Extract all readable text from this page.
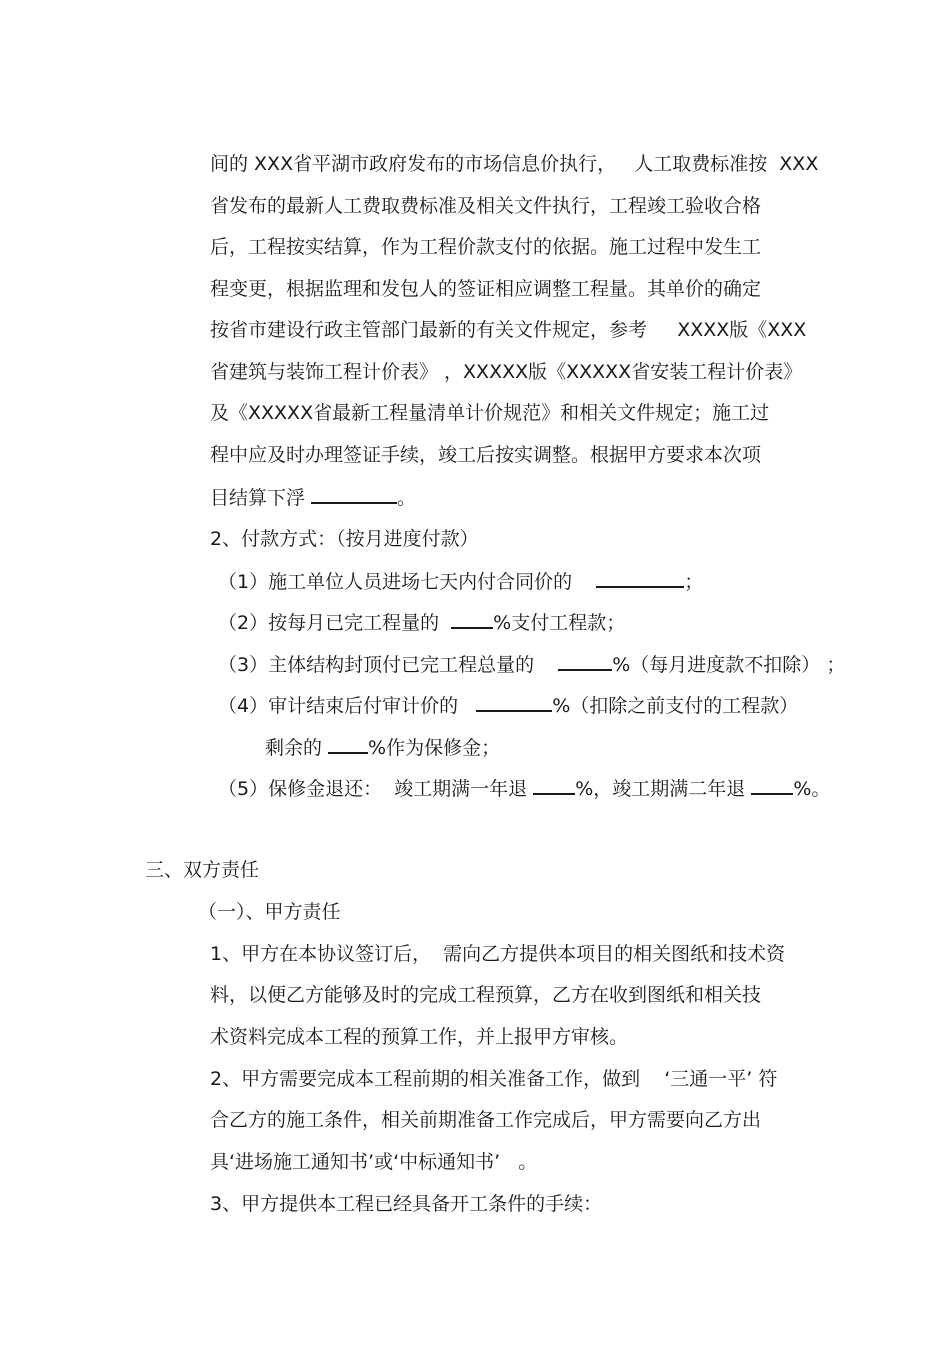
间的 XXX省平湖市政府发布的市场信息价执行，   人工取费标准按  XXX

省发布的最新人工费取费标准及相关文件执行，工程竣工验收合格

后，工程按实结算，作为工程价款支付的依据。施工过程中发生工

程变更，根据监理和发包人的签证相应调整工程量。其单价的确定

按省市建设行政主管部门最新的有关文件规定，参考     XXXX版《XXX

省建筑与装饰工程计价表》 ，XXXXX版《XXXXX省安装工程计价表》

及《XXXXX省最新工程量清单计价规范》和相关文件规定；施工过

程中应及时办理签证手续，竣工后按实调整。根据甲方要求本次项

目结算下浮	。

2、付款方式：（按月进度付款）

（1）施工单位人员进场七天内付合同价的	；

（2）按每月已完工程量的  %支付工程款；

（3）主体结构封顶付已完工程总量的	%（每月进度款不扣除） ；

（4）审计结束后付审计价的	%（扣除之前支付的工程款）

剩余的 %作为保修金；

（5）保修金退还：  竣工期满一年退 %，竣工期满二年退 %。

三、双方责任

（一）、甲方责任

1、甲方在本协议签订后，  需向乙方提供本项目的相关图纸和技术资

料，以便乙方能够及时的完成工程预算，乙方在收到图纸和相关技

术资料完成本工程的预算工作，并上报甲方审核。

2、甲方需要完成本工程前期的相关准备工作，做到    ‘三通一平’ 符

合乙方的施工条件，相关前期准备工作完成后，甲方需要向乙方出

具‘进场施工通知书’或‘中标通知书’   。

3、甲方提供本工程已经具备开工条件的手续：
